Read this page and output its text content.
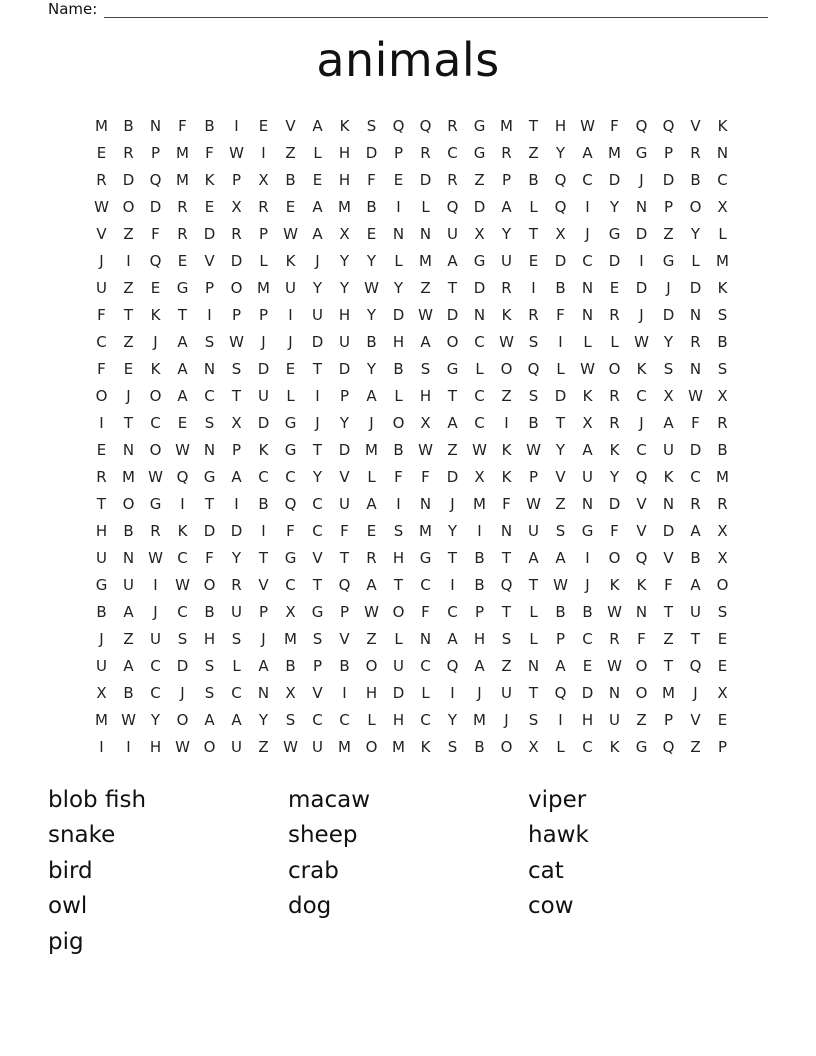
Name:
animals
M	B	N	F	B	I	E	V	A	K	S	Q	Q	R	G M	T	H W	F	Q	Q	V	K
E	R	P	M	F	W	I	Z	L	H	D	P	R	C	G	R	Z	Y	A	M G	P	R	N
R	D	Q M	K	P	X	B	E	H	F	E	D	R	Z	P	B	Q	C	D	J	D	B	C
W O	D	R	E	X	R	E	A	M	B	I	L	Q	D	A	L	Q	I	Y	N	P	O	X
V	Z	F	R	D	R	P	W A	X	E	N	N	U	X	Y	T	X	J	G	D	Z	Y	L
J	I	Q	E	V	D	L	K	J	Y	Y	L	M	A	G	U	E	D	C	D	I	G	L	M
U	Z	E	G	P	O M	U	Y	Y	W Y	Z	T	D	R	I	B	N	E	D	J	D	K
F	T	K	T	I	P	P	I	U	H	Y	D W D	N	K	R	F	N	R	J	D	N	S
C	Z	J	A	S W	J	J	D	U	B	H	A	O	C W S	I	L	L	W Y	R	B
F	E	K	A	N	S	D	E	T	D	Y	B	S	G	L	O	Q	L	W O	K	S	N	S
O	J	O	A	C	T	U	L	I	P	A	L	H	T	C	Z	S	D	K	R	C	X W X
I	T	C	E	S	X	D	G	J	Y	J	O	X	A	C	I	B	T	X	R	J	A	F	R
E	N	O W N	P	K	G	T	D M	B W Z W K W Y	A	K	C	U	D	B
R	M W Q	G	A	C	C	Y	V	L	F	F	D	X	K	P	V	U	Y	Q	K	C	M
T	O	G	I	T	I	B	Q	C	U	A	I	N	J	M	F	W Z	N	D	V	N	R	R
H	B	R	K	D	D	I	F	C	F	E	S	M	Y	I	N	U	S	G	F	V	D	A	X
U	N W C	F	Y	T	G	V	T	R	H	G	T	B	T	A	A	I	O	Q	V	B	X
G	U	I	W O	R	V	C	T	Q	A	T	C	I	B	Q	T	W	J	K	K	F	A	O
B	A	J	C	B	U	P	X	G	P	W O	F	C	P	T	L	B	B W N	T	U	S
J	Z	U	S	H	S	J	M	S	V	Z	L	N	A	H	S	L	P	C	R	F	Z	T	E
U	A	C	D	S	L	A	B	P	B	O	U	C	Q	A	Z	N	A	E W O	T	Q	E
X	B	C	J	S	C	N	X	V	I	H	D	L	I	J	U	T	Q	D	N	O M	J	X
M W Y	O	A	A	Y	S	C	C	L	H	C	Y	M	J	S	I	H	U	Z	P	V	E
I	I	H W O	U	Z W U	M O M	K	S	B	O	X	L	C	K	G	Q	Z	P
blob fish
snake
bird
owl
pig
macaw
sheep
crab
dog
viper
hawk
cat
cow
